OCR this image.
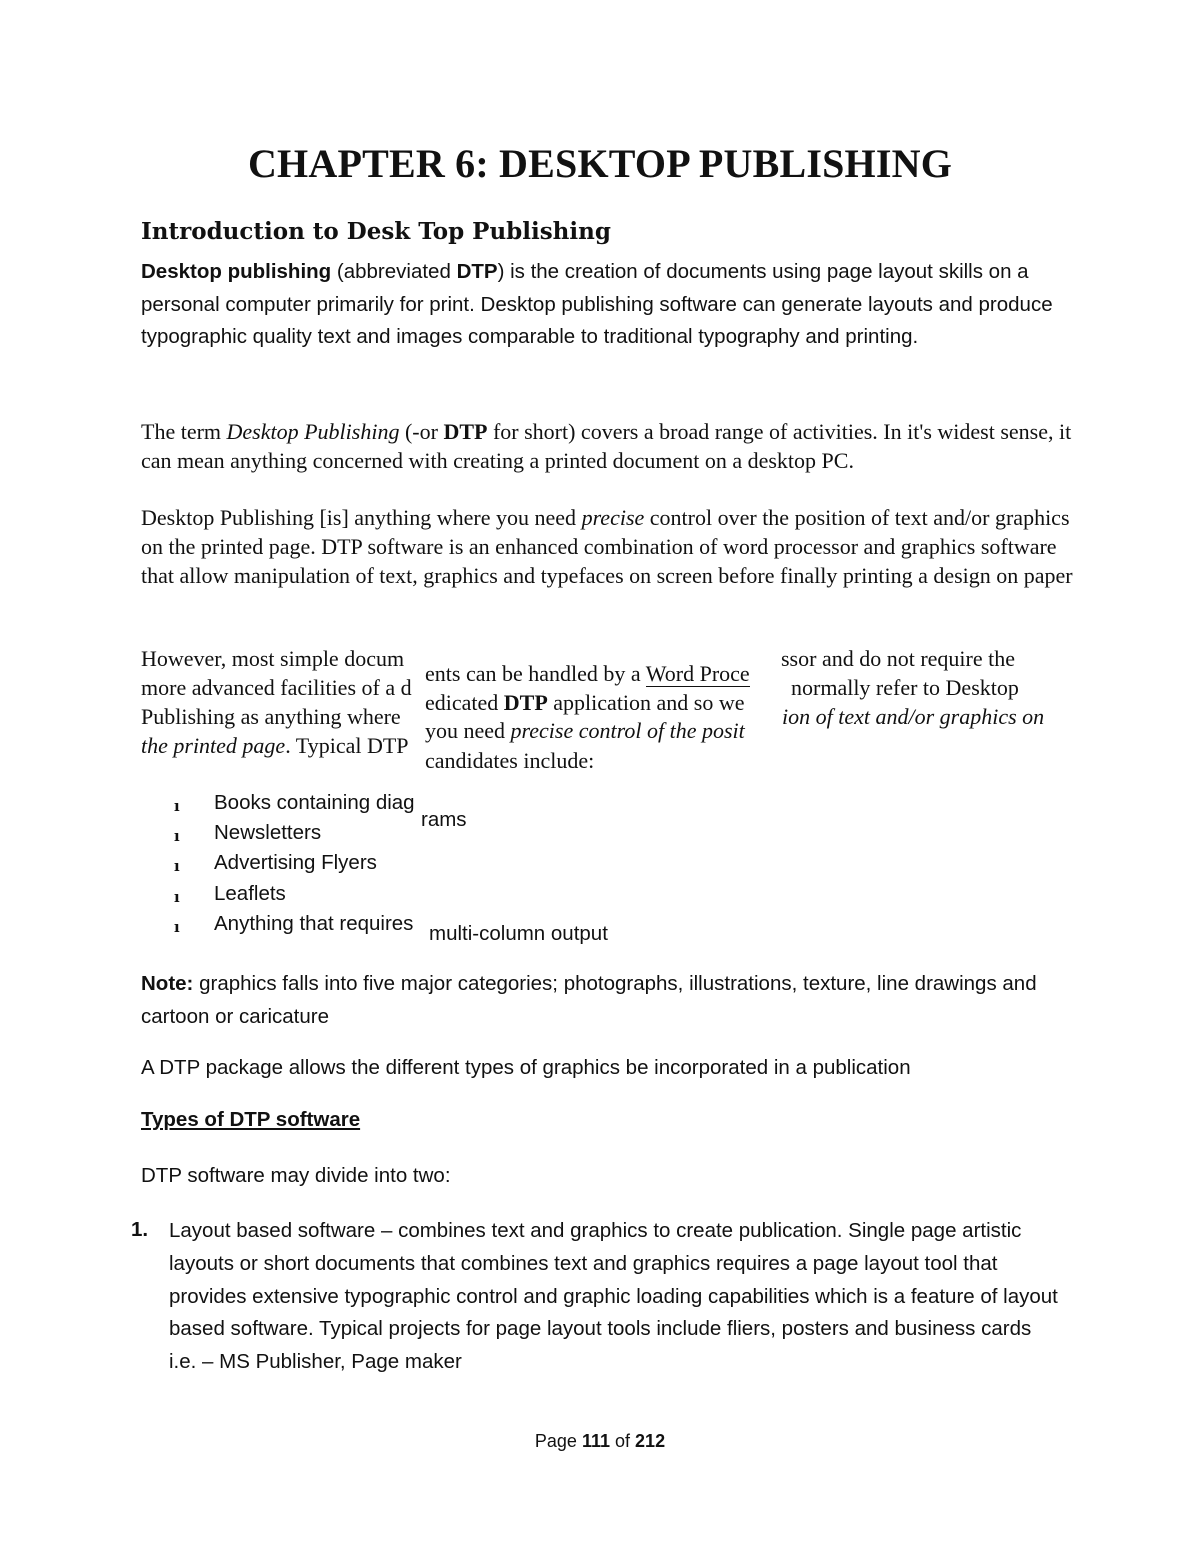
CHAPTER 6: DESKTOP PUBLISHING
Introduction to Desk Top Publishing
Desktop publishing (abbreviated DTP) is the creation of documents using page layout skills on a personal computer primarily for print. Desktop publishing software can generate layouts and produce typographic quality text and images comparable to traditional typography and printing.
The term Desktop Publishing (-or DTP for short) covers a broad range of activities. In it's widest sense, it can mean anything concerned with creating a printed document on a desktop PC.
Desktop Publishing [is] anything where you need precise control over the position of text and/or graphics on the printed page. DTP software is an enhanced combination of word processor and graphics software that allow manipulation of text, graphics and typefaces on screen before finally printing a design on paper
However, most simple docum
ents can be handled by a Word Proce
ssor and do not require the
more advanced facilities of a d
edicated DTP application and so we
normally refer to Desktop
Publishing as anything where
you need precise control of the posit
ion of text and/or graphics on
the printed page. Typical DTP
candidates include:
ı Books containing diag
rams
ı Newsletters
ı Advertising Flyers
ı Leaflets
ı Anything that requires multi-column output
Note: graphics falls into five major categories; photographs, illustrations, texture, line drawings and cartoon or caricature
A DTP package allows the different types of graphics be incorporated in a publication
Types of DTP software
DTP software may divide into two:
1. Layout based software – combines text and graphics to create publication. Single page artistic layouts or short documents that combines text and graphics requires a page layout tool that provides extensive typographic control and graphic loading capabilities which is a feature of layout based software. Typical projects for page layout tools include fliers, posters and business cards
i.e. – MS Publisher, Page maker
Page 111 of 212
